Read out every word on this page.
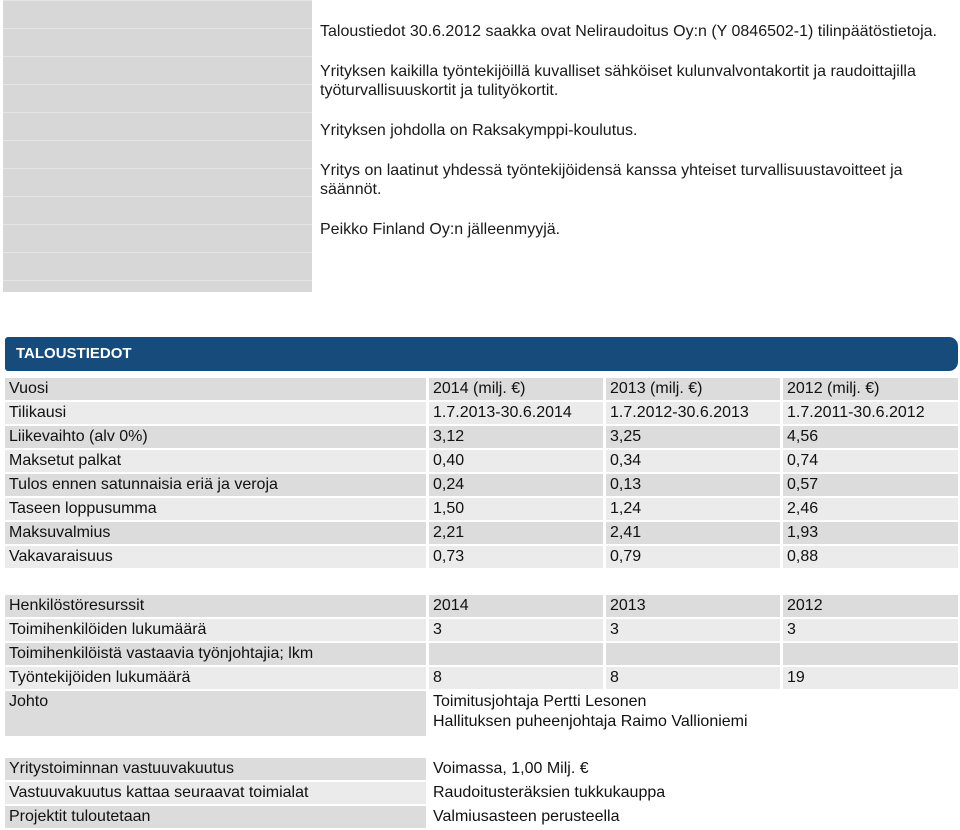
Taloustiedot 30.6.2012 saakka ovat Neliraudoitus Oy:n (Y 0846502-1) tilinpäätöstietoja.

Yrityksen kaikilla työntekijöillä kuvalliset sähköiset kulunvalvontakortit ja raudoittajilla työturvallisuuskortit ja tulityökortit.

Yrityksen johdolla on Raksakymppi-koulutus.

Yritys on laatinut yhdessä työntekijöidensä kanssa yhteiset turvallisuustavoitteet ja säännöt.

Peikko Finland Oy:n jälleenmyyjä.

TALOUSTIEDOT
Vuosi	2014 (milj. €)	2013 (milj. €)	2012 (milj. €)
Tilikausi	1.7.2013-30.6.2014	1.7.2012-30.6.2013	1.7.2011-30.6.2012
Liikevaihto (alv 0%)	3,12	3,25	4,56
Maksetut palkat	0,40	0,34	0,74
Tulos ennen satunnaisia eriä ja veroja	0,24	0,13	0,57
Taseen loppusumma	1,50	1,24	2,46
Maksuvalmius	2,21	2,41	1,93
Vakavaraisuus	0,73	0,79	0,88
Henkilöstöresurssit	2014	2013	2012
Toimihenkilöiden lukumäärä	3	3	3
Toimihenkilöistä vastaavia työnjohtajia; lkm			
Työntekijöiden lukumäärä	8	8	19
Johto	Toimitusjohtaja Pertti Lesonen
Hallituksen puheenjohtaja Raimo Vallioniemi		
Yritystoiminnan vastuuvakuutus	Voimassa, 1,00 Milj. €
Vastuuvakuutus kattaa seuraavat toimialat	Raudoitusteräksien tukkukauppa
Projektit tuloutetaan	Valmiusasteen perusteella
